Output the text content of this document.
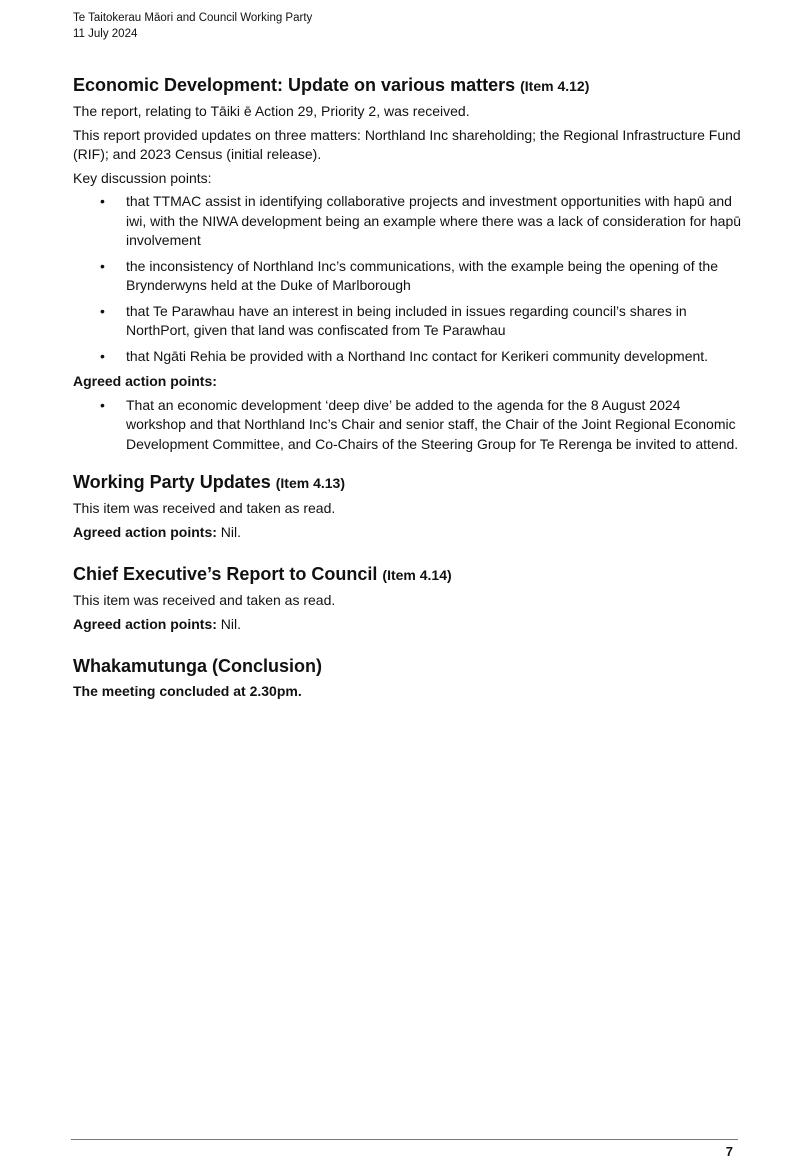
Te Taitokerau Māori and Council Working Party
11 July 2024
Economic Development: Update on various matters (Item 4.12)

The report, relating to Tāiki ē Action 29, Priority 2, was received.

This report provided updates on three matters: Northland Inc shareholding; the Regional Infrastructure Fund (RIF); and 2023 Census (initial release).

Key discussion points:

• that TTMAC assist in identifying collaborative projects and investment opportunities with hapū and iwi, with the NIWA development being an example where there was a lack of consideration for hapū involvement
• the inconsistency of Northland Inc’s communications, with the example being the opening of the Brynderwyns held at the Duke of Marlborough
• that Te Parawhau have an interest in being included in issues regarding council’s shares in NorthPort, given that land was confiscated from Te Parawhau
• that Ngāti Rehia be provided with a Northand Inc contact for Kerikeri community development.

Agreed action points:

• That an economic development ‘deep dive’ be added to the agenda for the 8 August 2024 workshop and that Northland Inc’s Chair and senior staff, the Chair of the Joint Regional Economic Development Committee, and Co-Chairs of the Steering Group for Te Rerenga be invited to attend.
Working Party Updates (Item 4.13)

This item was received and taken as read.

Agreed action points: Nil.

Chief Executive’s Report to Council (Item 4.14)

This item was received and taken as read.

Agreed action points: Nil.

Whakamutunga (Conclusion)

The meeting concluded at 2.30pm.

7
